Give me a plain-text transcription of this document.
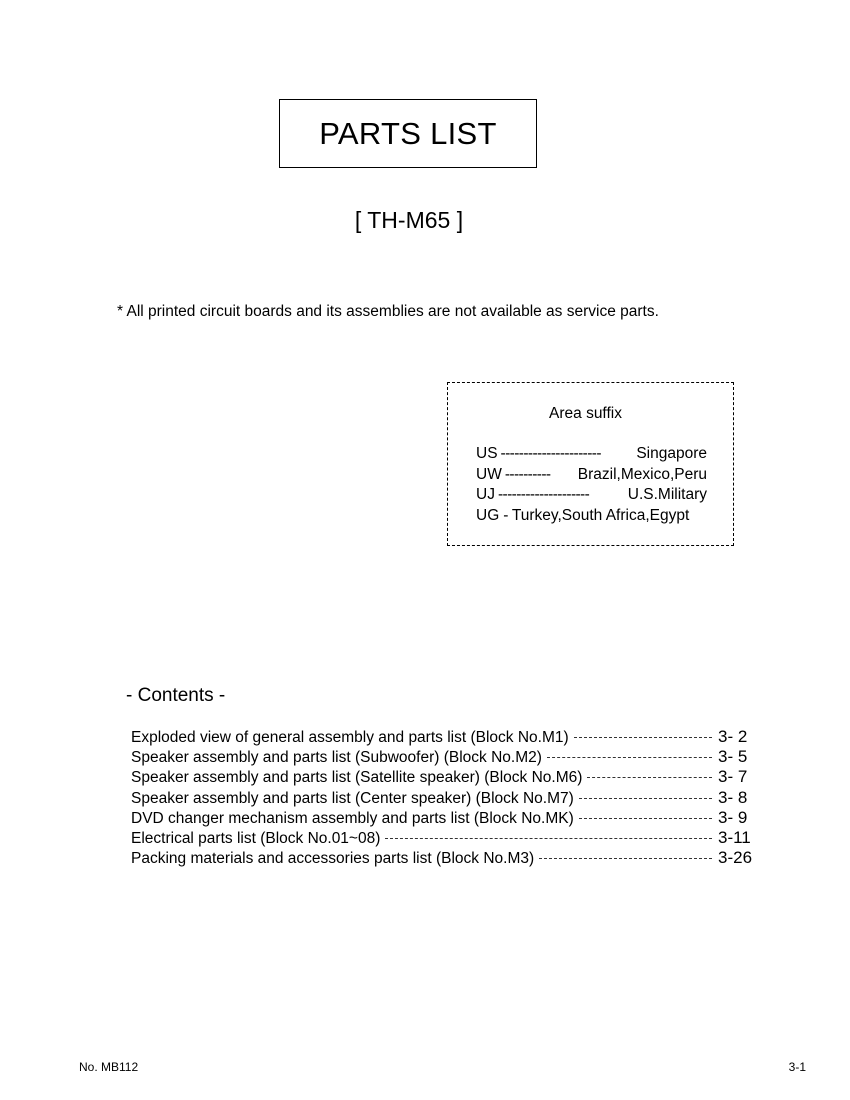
PARTS LIST
[ TH-M65 ]
* All printed circuit boards and its assemblies are not available as service parts.
Area suffix
US ----------------------	Singapore
UW ----------	Brazil,Mexico,Peru
UJ --------------------	U.S.Military
UG - Turkey,South Africa,Egypt
- Contents -
Exploded view of general assembly and parts list (Block No.M1)	3- 2
Speaker assembly and parts list (Subwoofer) (Block No.M2)	3- 5
Speaker assembly and parts list (Satellite speaker) (Block No.M6)	3- 7
Speaker assembly and parts list (Center speaker) (Block No.M7)	3- 8
DVD changer mechanism assembly and parts list (Block No.MK)	3- 9
Electrical parts list (Block No.01~08)	3-11
Packing materials and accessories parts list (Block No.M3)	3-26
No. MB112	3-1
